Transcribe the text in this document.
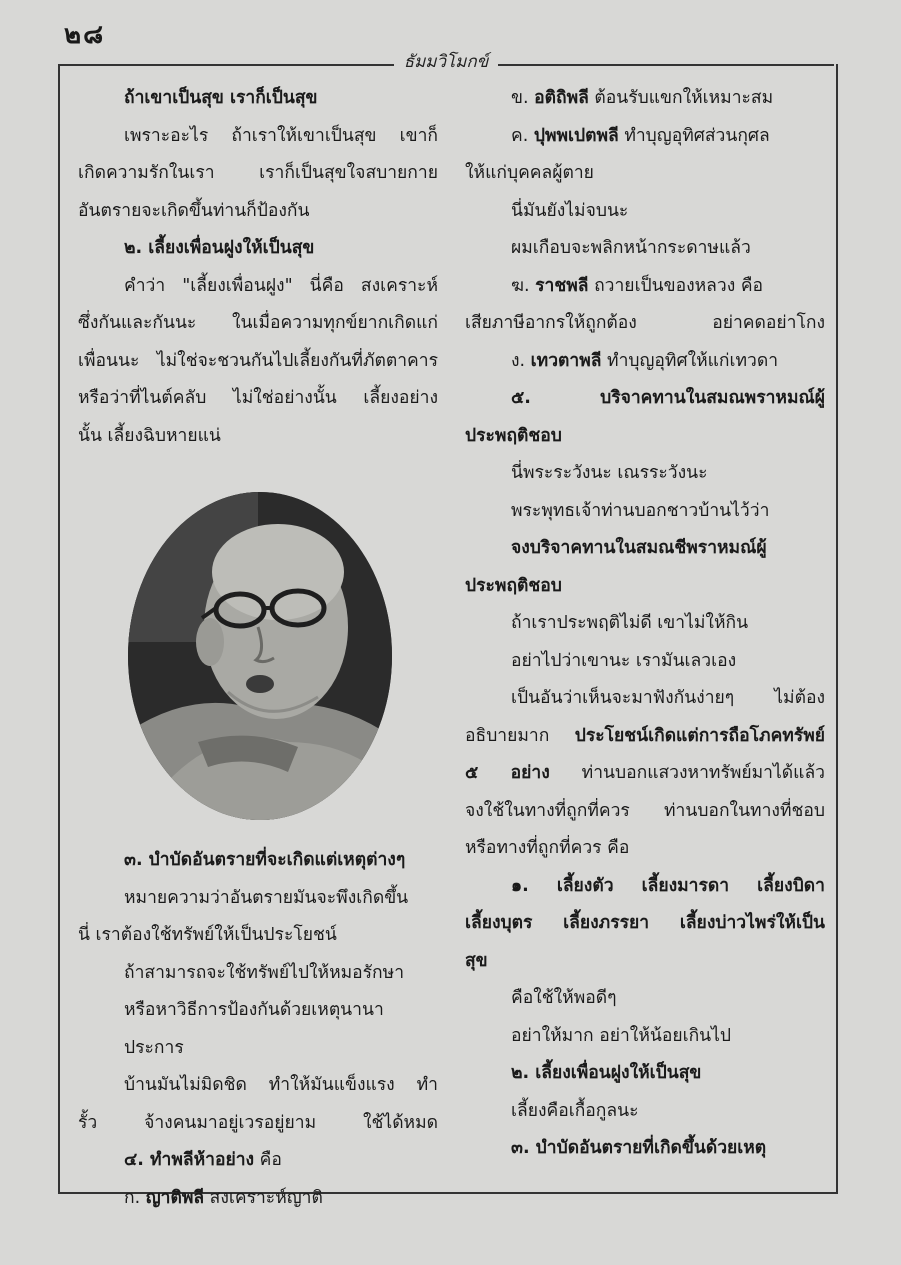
๒๘
ธัมมวิโมกข์

ถ้าเขาเป็นสุข เราก็เป็นสุข

เพราะอะไร ถ้าเราให้เขาเป็นสุข เขาก็

เกิดความรักในเรา เราก็เป็นสุขใจสบายกาย

อันตรายจะเกิดขึ้นท่านก็ป้องกัน

๒. เลี้ยงเพื่อนฝูงให้เป็นสุข

คำว่า "เลี้ยงเพื่อนฝูง" นี่คือ สงเคราะห์

ซึ่งกันและกันนะ ในเมื่อความทุกข์ยากเกิดแก่

เพื่อนนะ ไม่ใช่จะชวนกันไปเลี้ยงกันที่ภัตตาคาร

หรือว่าที่ไนต์คลับ ไม่ใช่อย่างนั้น เลี้ยงอย่าง

นั้น เลี้ยงฉิบหายแน่

๓. บำบัดอันตรายที่จะเกิดแต่เหตุต่างๆ

หมายความว่าอันตรายมันจะพึงเกิดขึ้น

นี่ เราต้องใช้ทรัพย์ให้เป็นประโยชน์

ถ้าสามารถจะใช้ทรัพย์ไปให้หมอรักษา

หรือหาวิธีการป้องกันด้วยเหตุนานาประการ

บ้านมันไม่มิดชิด ทำให้มันแข็งแรง ทำ

รั้ว จ้างคนมาอยู่เวรอยู่ยาม ใช้ได้หมด

๔. ทำพลีห้าอย่าง คือ

ก. ญาติพลี สงเคราะห์ญาติ

ข. อติถิพลี ต้อนรับแขกให้เหมาะสม

ค. ปุพพเปตพลี ทำบุญอุทิศส่วนกุศล

ให้แก่บุคคลผู้ตาย

นี่มันยังไม่จบนะ

ผมเกือบจะพลิกหน้ากระดาษแล้ว

ฆ. ราชพลี ถวายเป็นของหลวง คือ

เสียภาษีอากรให้ถูกต้อง อย่าคดอย่าโกง

ง. เทวตาพลี ทำบุญอุทิศให้แก่เทวดา

๕. บริจาคทานในสมณพราหมณ์ผู้

ประพฤติชอบ

นี่พระระวังนะ เณรระวังนะ

พระพุทธเจ้าท่านบอกชาวบ้านไว้ว่า

จงบริจาคทานในสมณชีพราหมณ์ผู้

ประพฤติชอบ

ถ้าเราประพฤติไม่ดี เขาไม่ให้กิน

อย่าไปว่าเขานะ เรามันเลวเอง

เป็นอันว่าเห็นจะมาฟังกันง่ายๆ ไม่ต้อง

อธิบายมาก ประโยชน์เกิดแต่การถือโภคทรัพย์

๕ อย่าง ท่านบอกแสวงหาทรัพย์มาได้แล้ว

จงใช้ในทางที่ถูกที่ควร ท่านบอกในทางที่ชอบ

หรือทางที่ถูกที่ควร คือ

๑. เลี้ยงตัว เลี้ยงมารดา เลี้ยงบิดา

เลี้ยงบุตร เลี้ยงภรรยา เลี้ยงบ่าวไพร่ให้เป็น

สุข

คือใช้ให้พอดีๆ

อย่าให้มาก อย่าให้น้อยเกินไป

๒. เลี้ยงเพื่อนฝูงให้เป็นสุข

เลี้ยงคือเกื้อกูลนะ

๓. บำบัดอันตรายที่เกิดขึ้นด้วยเหตุ
